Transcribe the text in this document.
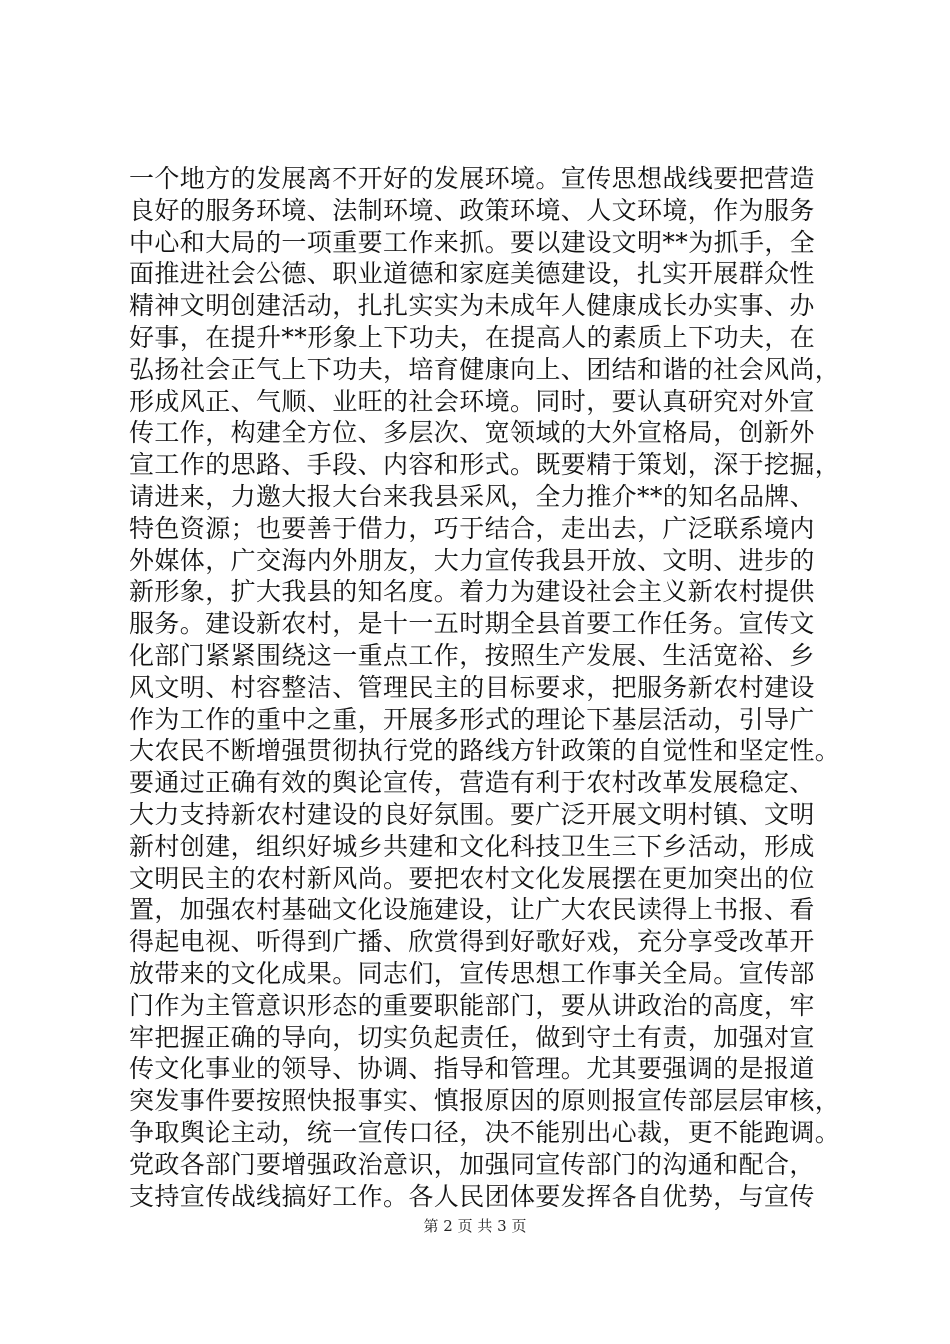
一个地方的发展离不开好的发展环境。宣传思想战线要把营造
良好的服务环境、法制环境、政策环境、人文环境，作为服务
中心和大局的一项重要工作来抓。要以建设文明**为抓手，全
面推进社会公德、职业道德和家庭美德建设，扎实开展群众性
精神文明创建活动，扎扎实实为未成年人健康成长办实事、办
好事，在提升**形象上下功夫，在提高人的素质上下功夫，在
弘扬社会正气上下功夫，培育健康向上、团结和谐的社会风尚，
形成风正、气顺、业旺的社会环境。同时，要认真研究对外宣
传工作，构建全方位、多层次、宽领域的大外宣格局，创新外
宣工作的思路、手段、内容和形式。既要精于策划，深于挖掘，
请进来，力邀大报大台来我县采风，全力推介**的知名品牌、
特色资源；也要善于借力，巧于结合，走出去，广泛联系境内
外媒体，广交海内外朋友，大力宣传我县开放、文明、进步的
新形象，扩大我县的知名度。着力为建设社会主义新农村提供
服务。建设新农村，是十一五时期全县首要工作任务。宣传文
化部门紧紧围绕这一重点工作，按照生产发展、生活宽裕、乡
风文明、村容整洁、管理民主的目标要求，把服务新农村建设
作为工作的重中之重，开展多形式的理论下基层活动，引导广
大农民不断增强贯彻执行党的路线方针政策的自觉性和坚定性。
要通过正确有效的舆论宣传，营造有利于农村改革发展稳定、
大力支持新农村建设的良好氛围。要广泛开展文明村镇、文明
新村创建，组织好城乡共建和文化科技卫生三下乡活动，形成
文明民主的农村新风尚。要把农村文化发展摆在更加突出的位
置，加强农村基础文化设施建设，让广大农民读得上书报、看
得起电视、听得到广播、欣赏得到好歌好戏，充分享受改革开
放带来的文化成果。同志们，宣传思想工作事关全局。宣传部
门作为主管意识形态的重要职能部门，要从讲政治的高度，牢
牢把握正确的导向，切实负起责任，做到守土有责，加强对宣
传文化事业的领导、协调、指导和管理。尤其要强调的是报道
突发事件要按照快报事实、慎报原因的原则报宣传部层层审核，
争取舆论主动，统一宣传口径，决不能别出心裁，更不能跑调。
党政各部门要增强政治意识，加强同宣传部门的沟通和配合，
支持宣传战线搞好工作。各人民团体要发挥各自优势，与宣传
第 2 页 共 3 页
